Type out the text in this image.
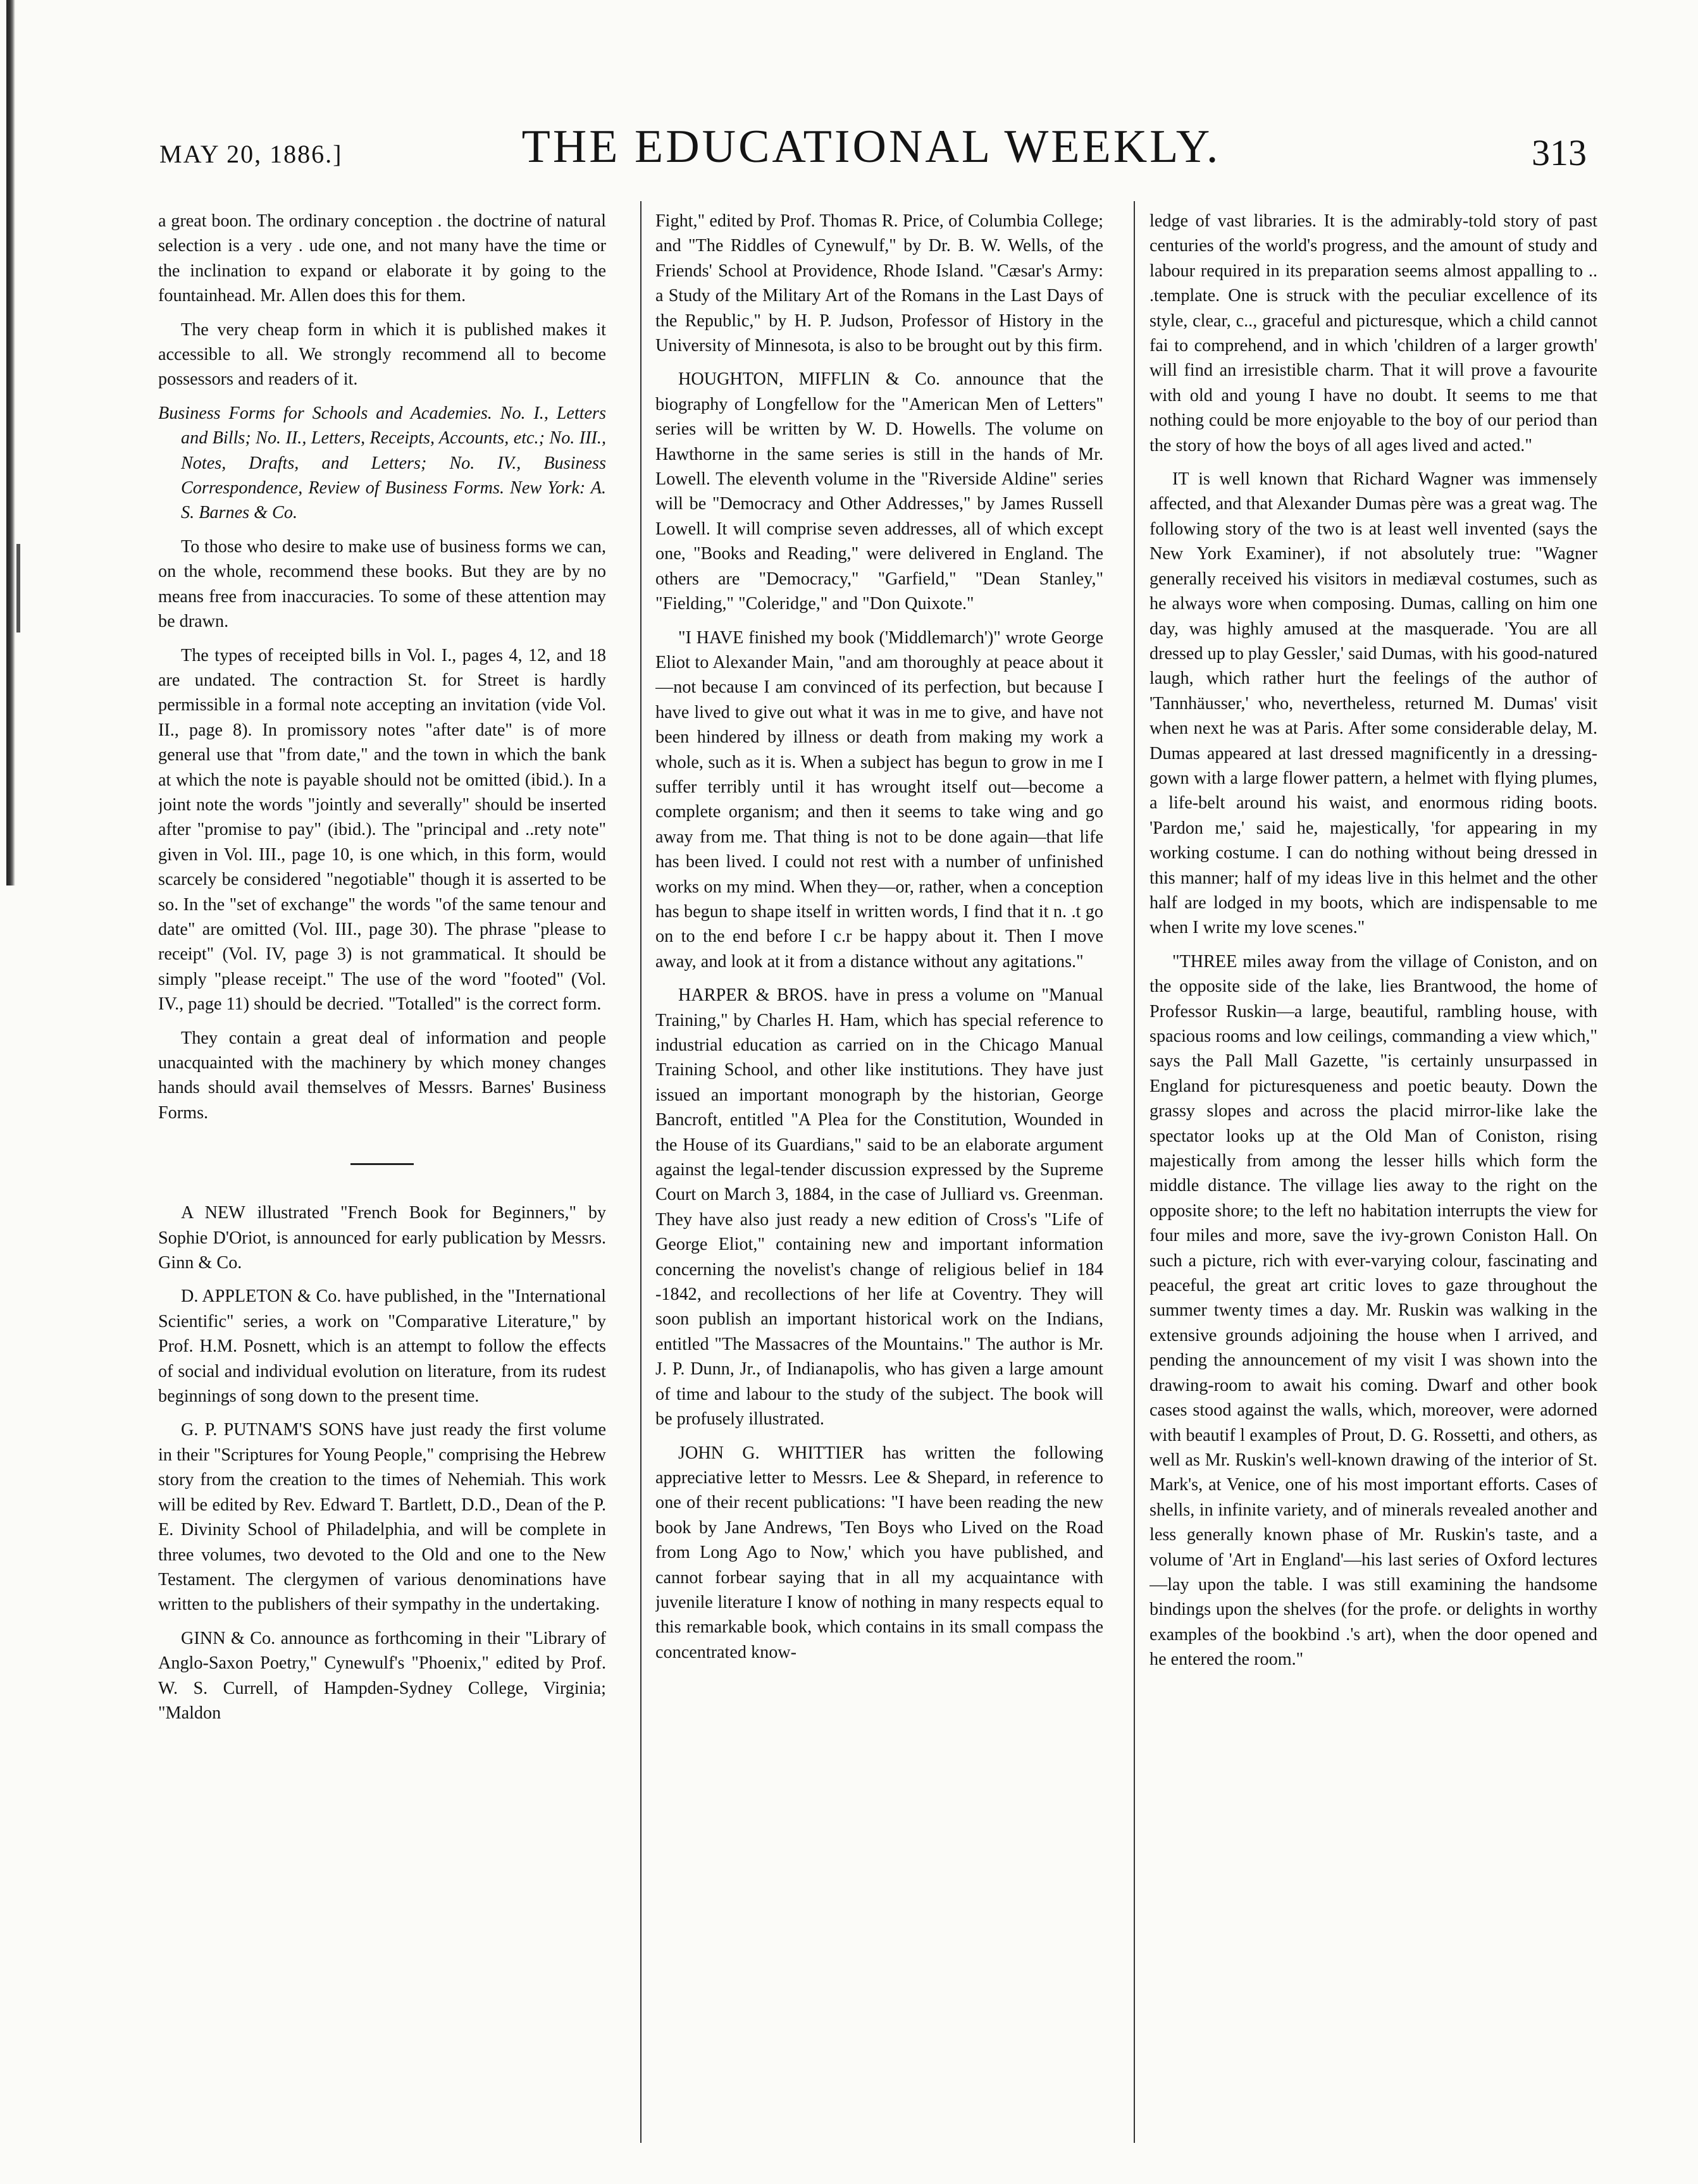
MAY 20, 1886.]	THE EDUCATIONAL WEEKLY.	313

a great boon. The ordinary conception . the doctrine of natural selection is a very . ude one, and not many have the time or the inclination to expand or elaborate it by going to the fountainhead. Mr. Allen does this for them.

The very cheap form in which it is published makes it accessible to all. We strongly recommend all to become possessors and readers of it.

Business Forms for Schools and Academies. No. I., Letters and Bills; No. II., Letters, Receipts, Accounts, etc.; No. III., Notes, Drafts, and Letters; No. IV., Business Correspondence, Review of Business Forms. New York: A. S. Barnes & Co.

To those who desire to make use of business forms we can, on the whole, recommend these books. But they are by no means free from inaccuracies. To some of these attention may be drawn.

The types of receipted bills in Vol. I., pages 4, 12, and 18 are undated. The contraction St. for Street is hardly permissible in a formal note accepting an invitation (vide Vol. II., page 8). In promissory notes "after date" is of more general use that "from date," and the town in which the bank at which the note is payable should not be omitted (ibid.). In a joint note the words "jointly and severally" should be inserted after "promise to pay" (ibid.). The "principal and ..rety note" given in Vol. III., page 10, is one which, in this form, would scarcely be considered "negotiable" though it is asserted to be so. In the "set of exchange" the words "of the same tenour and date" are omitted (Vol. III., page 30). The phrase "please to receipt" (Vol. IV, page 3) is not grammatical. It should be simply "please receipt." The use of the word "footed" (Vol. IV., page 11) should be decried. "Totalled" is the correct form.

They contain a great deal of information and people unacquainted with the machinery by which money changes hands should avail themselves of Messrs. Barnes' Business Forms.

A NEW illustrated "French Book for Beginners," by Sophie D'Oriot, is announced for early publication by Messrs. Ginn & Co.

D. APPLETON & Co. have published, in the "International Scientific" series, a work on "Comparative Literature," by Prof. H.M. Posnett, which is an attempt to follow the effects of social and individual evolution on literature, from its rudest beginnings of song down to the present time.

G. P. PUTNAM'S SONS have just ready the first volume in their "Scriptures for Young People," comprising the Hebrew story from the creation to the times of Nehemiah. This work will be edited by Rev. Edward T. Bartlett, D.D., Dean of the P. E. Divinity School of Philadelphia, and will be complete in three volumes, two devoted to the Old and one to the New Testament. The clergymen of various denominations have written to the publishers of their sympathy in the undertaking.

GINN & Co. announce as forthcoming in their "Library of Anglo-Saxon Poetry," Cynewulf's "Phoenix," edited by Prof. W. S. Currell, of Hampden-Sydney College, Virginia; "Maldon

Fight," edited by Prof. Thomas R. Price, of Columbia College; and "The Riddles of Cynewulf," by Dr. B. W. Wells, of the Friends' School at Providence, Rhode Island. "Cæsar's Army: a Study of the Military Art of the Romans in the Last Days of the Republic," by H. P. Judson, Professor of History in the University of Minnesota, is also to be brought out by this firm.

HOUGHTON, MIFFLIN & Co. announce that the biography of Longfellow for the "American Men of Letters" series will be written by W. D. Howells. The volume on Hawthorne in the same series is still in the hands of Mr. Lowell. The eleventh volume in the "Riverside Aldine" series will be "Democracy and Other Addresses," by James Russell Lowell. It will comprise seven addresses, all of which except one, "Books and Reading," were delivered in England. The others are "Democracy," "Garfield," "Dean Stanley," "Fielding," "Coleridge," and "Don Quixote."

"I HAVE finished my book ('Middlemarch')" wrote George Eliot to Alexander Main, "and am thoroughly at peace about it—not because I am convinced of its perfection, but because I have lived to give out what it was in me to give, and have not been hindered by illness or death from making my work a whole, such as it is. When a subject has begun to grow in me I suffer terribly until it has wrought itself out—become a complete organism; and then it seems to take wing and go away from me. That thing is not to be done again—that life has been lived. I could not rest with a number of unfinished works on my mind. When they—or, rather, when a conception has begun to shape itself in written words, I find that it n. .t go on to the end before I c.r be happy about it. Then I move away, and look at it from a distance without any agitations."

HARPER & BROS. have in press a volume on "Manual Training," by Charles H. Ham, which has special reference to industrial education as carried on in the Chicago Manual Training School, and other like institutions. They have just issued an important monograph by the historian, George Bancroft, entitled "A Plea for the Constitution, Wounded in the House of its Guardians," said to be an elaborate argument against the legal-tender discussion expressed by the Supreme Court on March 3, 1884, in the case of Julliard vs. Greenman. They have also just ready a new edition of Cross's "Life of George Eliot," containing new and important information concerning the novelist's change of religious belief in 184 -1842, and recollections of her life at Coventry. They will soon publish an important historical work on the Indians, entitled "The Massacres of the Mountains." The author is Mr. J. P. Dunn, Jr., of Indianapolis, who has given a large amount of time and labour to the study of the subject. The book will be profusely illustrated.

JOHN G. WHITTIER has written the following appreciative letter to Messrs. Lee & Shepard, in reference to one of their recent publications: "I have been reading the new book by Jane Andrews, 'Ten Boys who Lived on the Road from Long Ago to Now,' which you have published, and cannot forbear saying that in all my acquaintance with juvenile literature I know of nothing in many respects equal to this remarkable book, which contains in its small compass the concentrated know-

ledge of vast libraries. It is the admirably-told story of past centuries of the world's progress, and the amount of study and labour required in its preparation seems almost appalling to .. .template. One is struck with the peculiar excellence of its style, clear, c.., graceful and picturesque, which a child cannot fai to comprehend, and in which 'children of a larger growth' will find an irresistible charm. That it will prove a favourite with old and young I have no doubt. It seems to me that nothing could be more enjoyable to the boy of our period than the story of how the boys of all ages lived and acted."

IT is well known that Richard Wagner was immensely affected, and that Alexander Dumas père was a great wag. The following story of the two is at least well invented (says the New York Examiner), if not absolutely true: "Wagner generally received his visitors in mediæval costumes, such as he always wore when composing. Dumas, calling on him one day, was highly amused at the masquerade. 'You are all dressed up to play Gessler,' said Dumas, with his good-natured laugh, which rather hurt the feelings of the author of 'Tannhäusser,' who, nevertheless, returned M. Dumas' visit when next he was at Paris. After some considerable delay, M. Dumas appeared at last dressed magnificently in a dressing-gown with a large flower pattern, a helmet with flying plumes, a life-belt around his waist, and enormous riding boots. 'Pardon me,' said he, majestically, 'for appearing in my working costume. I can do nothing without being dressed in this manner; half of my ideas live in this helmet and the other half are lodged in my boots, which are indispensable to me when I write my love scenes."

"THREE miles away from the village of Coniston, and on the opposite side of the lake, lies Brantwood, the home of Professor Ruskin—a large, beautiful, rambling house, with spacious rooms and low ceilings, commanding a view which," says the Pall Mall Gazette, "is certainly unsurpassed in England for picturesqueness and poetic beauty. Down the grassy slopes and across the placid mirror-like lake the spectator looks up at the Old Man of Coniston, rising majestically from among the lesser hills which form the middle distance. The village lies away to the right on the opposite shore; to the left no habitation interrupts the view for four miles and more, save the ivy-grown Coniston Hall. On such a picture, rich with ever-varying colour, fascinating and peaceful, the great art critic loves to gaze throughout the summer twenty times a day. Mr. Ruskin was walking in the extensive grounds adjoining the house when I arrived, and pending the announcement of my visit I was shown into the drawing-room to await his coming. Dwarf and other book cases stood against the walls, which, moreover, were adorned with beautif l examples of Prout, D. G. Rossetti, and others, as well as Mr. Ruskin's well-known drawing of the interior of St. Mark's, at Venice, one of his most important efforts. Cases of shells, in infinite variety, and of minerals revealed another and less generally known phase of Mr. Ruskin's taste, and a volume of 'Art in England'—his last series of Oxford lectures—lay upon the table. I was still examining the handsome bindings upon the shelves (for the profe. or delights in worthy examples of the bookbind .'s art), when the door opened and he entered the room."
